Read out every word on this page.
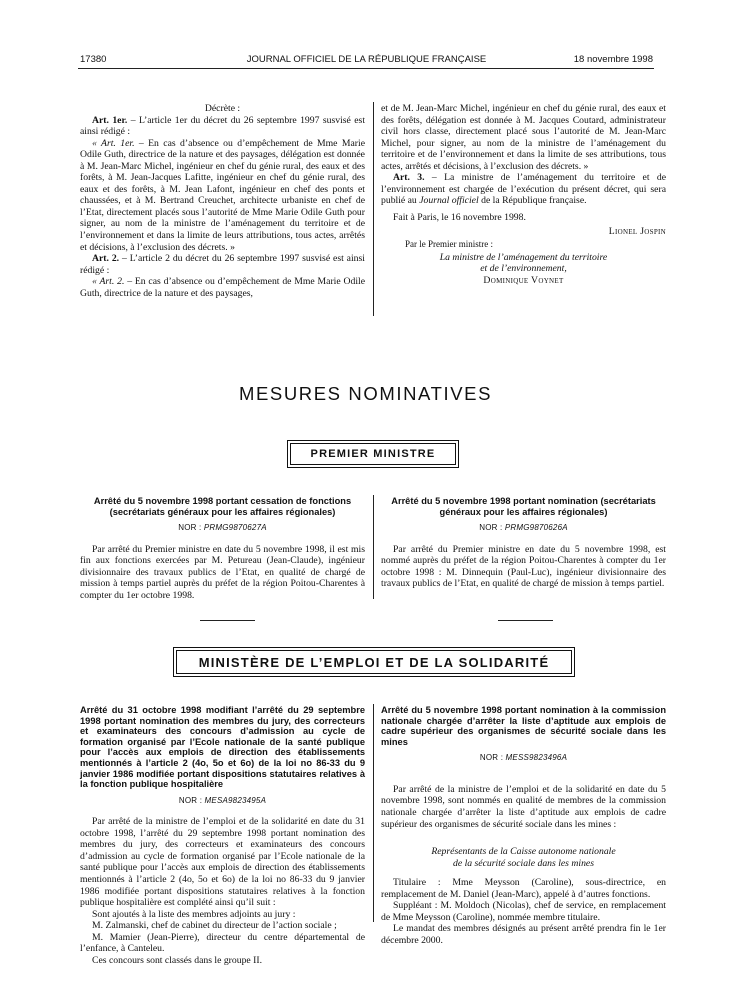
17380	JOURNAL OFFICIEL DE LA RÉPUBLIQUE FRANÇAISE	18 novembre 1998

Décrète :

Art. 1er. – L’article 1er du décret du 26 septembre 1997 susvisé est ainsi rédigé :

« Art. 1er. – En cas d’absence ou d’empêchement de Mme Marie Odile Guth, directrice de la nature et des paysages, délégation est donnée à M. Jean-Marc Michel, ingénieur en chef du génie rural, des eaux et des forêts, à M. Jean-Jacques Lafitte, ingénieur en chef du génie rural, des eaux et des forêts, à M. Jean Lafont, ingénieur en chef des ponts et chaussées, et à M. Bertrand Creuchet, architecte urbaniste en chef de l’Etat, directement placés sous l’autorité de Mme Marie Odile Guth pour signer, au nom de la ministre de l’aménagement du territoire et de l’environnement et dans la limite de leurs attributions, tous actes, arrêtés et décisions, à l’exclusion des décrets. »

Art. 2. – L’article 2 du décret du 26 septembre 1997 susvisé est ainsi rédigé :

« Art. 2. – En cas d’absence ou d’empêchement de Mme Marie Odile Guth, directrice de la nature et des paysages,

et de M. Jean-Marc Michel, ingénieur en chef du génie rural, des eaux et des forêts, délégation est donnée à M. Jacques Coutard, administrateur civil hors classe, directement placé sous l’autorité de M. Jean-Marc Michel, pour signer, au nom de la ministre de l’aménagement du territoire et de l’environnement et dans la limite de ses attributions, tous actes, arrêtés et décisions, à l’exclusion des décrets. »

Art. 3. – La ministre de l’aménagement du territoire et de l’environnement est chargée de l’exécution du présent décret, qui sera publié au Journal officiel de la République française.

Fait à Paris, le 16 novembre 1998.

Lionel Jospin

Par le Premier ministre :

La ministre de l’aménagement du territoire

et de l’environnement,

Dominique Voynet

MESURES NOMINATIVES
PREMIER MINISTRE
Arrêté du 5 novembre 1998 portant cessation de fonctions (secrétariats généraux pour les affaires régionales)
NOR : PRMG9870627A

Par arrêté du Premier ministre en date du 5 novembre 1998, il est mis fin aux fonctions exercées par M. Petureau (Jean-Claude), ingénieur divisionnaire des travaux publics de l’Etat, en qualité de chargé de mission à temps partiel auprès du préfet de la région Poitou-Charentes à compter du 1er octobre 1998.

Arrêté du 5 novembre 1998 portant nomination (secrétariats généraux pour les affaires régionales)
NOR : PRMG9870626A

Par arrêté du Premier ministre en date du 5 novembre 1998, est nommé auprès du préfet de la région Poitou-Charentes à compter du 1er octobre 1998 : M. Dinnequin (Paul-Luc), ingénieur divisionnaire des travaux publics de l’Etat, en qualité de chargé de mission à temps partiel.

MINISTÈRE DE L’EMPLOI ET DE LA SOLIDARITÉ
Arrêté du 31 octobre 1998 modifiant l’arrêté du 29 septembre 1998 portant nomination des membres du jury, des correcteurs et examinateurs des concours d’admission au cycle de formation organisé par l’Ecole nationale de la santé publique pour l’accès aux emplois de direction des établissements mentionnés à l’article 2 (4o, 5o et 6o) de la loi no 86-33 du 9 janvier 1986 modifiée portant dispositions statutaires relatives à la fonction publique hospitalière
NOR : MESA9823495A

Par arrêté de la ministre de l’emploi et de la solidarité en date du 31 octobre 1998, l’arrêté du 29 septembre 1998 portant nomination des membres du jury, des correcteurs et examinateurs des concours d’admission au cycle de formation organisé par l’Ecole nationale de la santé publique pour l’accès aux emplois de direction des établissements mentionnés à l’article 2 (4o, 5o et 6o) de la loi no 86-33 du 9 janvier 1986 modifiée portant dispositions statutaires relatives à la fonction publique hospitalière est complété ainsi qu’il suit :

Sont ajoutés à la liste des membres adjoints au jury :

M. Zalmanski, chef de cabinet du directeur de l’action sociale ;

M. Mamier (Jean-Pierre), directeur du centre départemental de l’enfance, à Canteleu.

Ces concours sont classés dans le groupe II.

Arrêté du 5 novembre 1998 portant nomination à la commission nationale chargée d’arrêter la liste d’aptitude aux emplois de cadre supérieur des organismes de sécurité sociale dans les mines
NOR : MESS9823496A

Par arrêté de la ministre de l’emploi et de la solidarité en date du 5 novembre 1998, sont nommés en qualité de membres de la commission nationale chargée d’arrêter la liste d’aptitude aux emplois de cadre supérieur des organismes de sécurité sociale dans les mines :

Représentants de la Caisse autonome nationale

de la sécurité sociale dans les mines

Titulaire : Mme Meysson (Caroline), sous-directrice, en remplacement de M. Daniel (Jean-Marc), appelé à d’autres fonctions.

Suppléant : M. Moldoch (Nicolas), chef de service, en remplacement de Mme Meysson (Caroline), nommée membre titulaire.

Le mandat des membres désignés au présent arrêté prendra fin le 1er décembre 2000.
